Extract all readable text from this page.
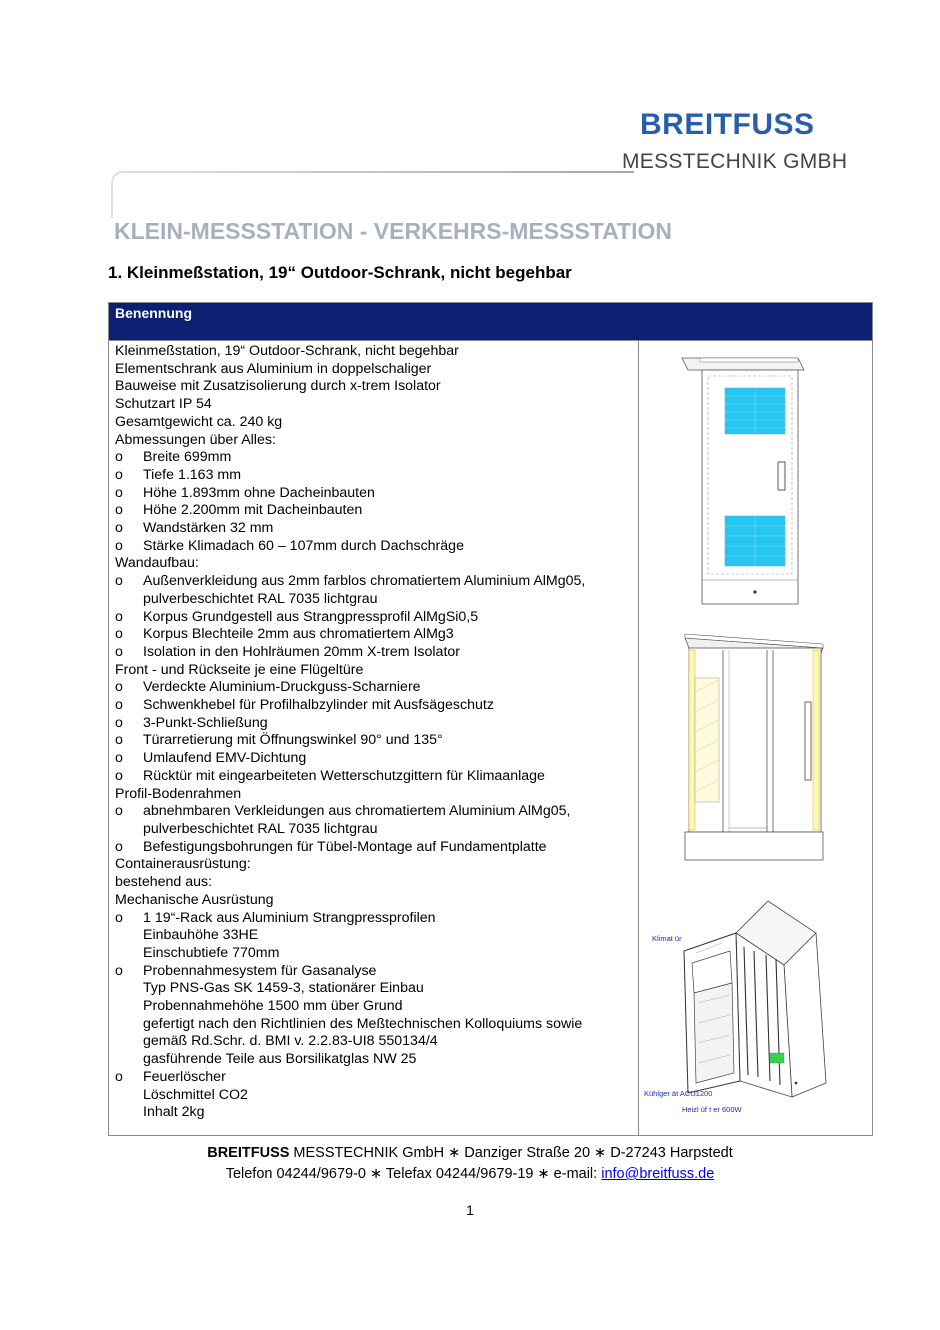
BREITFUSS
MESSTECHNIK GMBH
KLEIN-MESSSTATION - VERKEHRS-MESSSTATION
1. Kleinmeßstation, 19“ Outdoor-Schrank, nicht begehbar
Benennung
Kleinmeßstation, 19“ Outdoor-Schrank, nicht begehbar
Elementschrank aus Aluminium in doppelschaliger
Bauweise mit Zusatzisolierung durch x-trem Isolator
Schutzart IP 54
Gesamtgewicht ca. 240 kg
Abmessungen über Alles:
o Breite 699mm
o Tiefe 1.163 mm
o Höhe 1.893mm ohne Dacheinbauten
o Höhe 2.200mm mit Dacheinbauten
o Wandstärken 32 mm
o Stärke Klimadach 60 – 107mm durch Dachschräge
Wandaufbau:
o Außenverkleidung aus 2mm farblos chromatiertem Aluminium AlMg05,
pulverbeschichtet RAL 7035 lichtgrau
o Korpus Grundgestell aus Strangpressprofil AlMgSi0,5
o Korpus Blechteile 2mm aus chromatiertem AlMg3
o Isolation in den Hohlräumen 20mm X-trem Isolator
Front - und Rückseite je eine Flügeltüre
o Verdeckte Aluminium-Druckguss-Scharniere
o Schwenkhebel für Profilhalbzylinder mit Ausfsägeschutz
o 3-Punkt-Schließung
o Türarretierung mit Öffnungswinkel 90° und 135°
o Umlaufend EMV-Dichtung
o Rücktür mit eingearbeiteten Wetterschutzgittern für Klimaanlage
Profil-Bodenrahmen
o abnehmbaren Verkleidungen aus chromatiertem Aluminium AlMg05,
pulverbeschichtet RAL 7035 lichtgrau
o Befestigungsbohrungen für Tübel-Montage auf Fundamentplatte
Containerausrüstung:
bestehend aus:
Mechanische Ausrüstung
o 1 19“-Rack aus Aluminium Strangpressprofilen
Einbauhöhe 33HE
Einschubtiefe 770mm
o Probennahmesystem für Gasanalyse
Typ PNS-Gas SK 1459-3, stationärer Einbau
Probennahmehöhe 1500 mm über Grund
gefertigt nach den Richtlinien des Meßtechnischen Kolloquiums sowie
gemäß Rd.Schr. d. BMI v. 2.2.83-UI8 550134/4
gasführende Teile aus Borsilikatglas NW 25
o Feuerlöscher
Löschmittel CO2
Inhalt 2kg
Klimat ür
Kühlger ät ACU1200
Heizl üf t er 600W
BREITFUSS MESSTECHNIK GmbH ∗ Danziger Straße 20 ∗ D-27243 Harpstedt
Telefon 04244/9679-0 ∗ Telefax 04244/9679-19 ∗ e-mail: info@breitfuss.de
1
